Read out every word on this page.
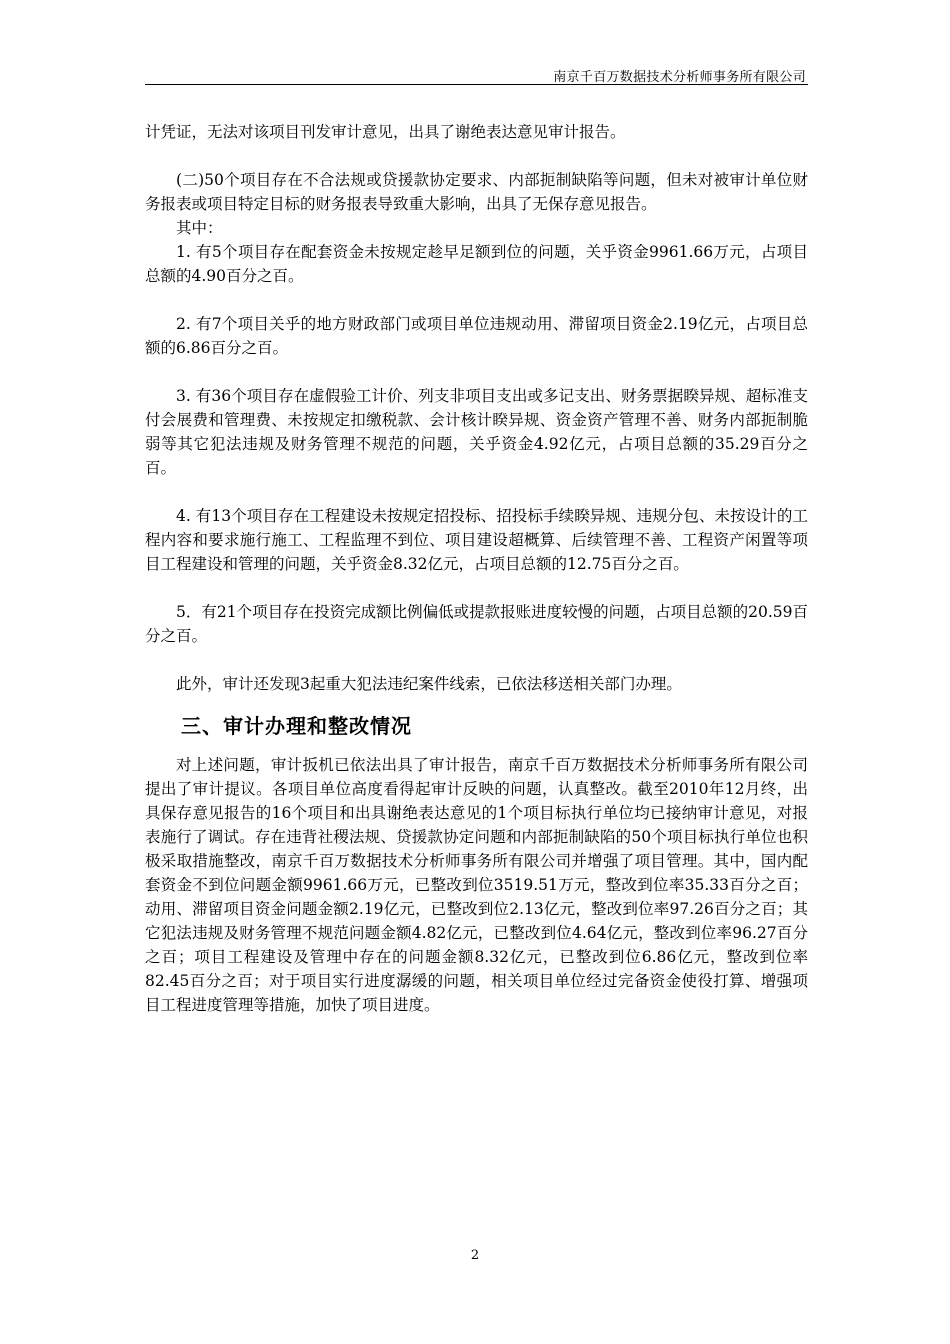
南京千百万数据技术分析师事务所有限公司

计凭证，无法对该项目刊发审计意见，出具了谢绝表达意见审计报告。

(二)50个项目存在不合法规或贷援款协定要求、内部扼制缺陷等问题，但未对被审计单位财务报表或项目特定目标的财务报表导致重大影响，出具了无保存意见报告。

其中：

1. 有5个项目存在配套资金未按规定趁早足额到位的问题，关乎资金9961.66万元，占项目总额的4.90百分之百。

2. 有7个项目关乎的地方财政部门或项目单位违规动用、滞留项目资金2.19亿元，占项目总额的6.86百分之百。

3. 有36个项目存在虚假验工计价、列支非项目支出或多记支出、财务票据睽异规、超标准支付会展费和管理费、未按规定扣缴税款、会计核计睽异规、资金资产管理不善、财务内部扼制脆弱等其它犯法违规及财务管理不规范的问题，关乎资金4.92亿元，占项目总额的35.29百分之百。

4. 有13个项目存在工程建设未按规定招投标、招投标手续睽异规、违规分包、未按设计的工程内容和要求施行施工、工程监理不到位、项目建设超概算、后续管理不善、工程资产闲置等项目工程建设和管理的问题，关乎资金8.32亿元，占项目总额的12.75百分之百。

5．有21个项目存在投资完成额比例偏低或提款报账进度较慢的问题，占项目总额的20.59百分之百。

此外，审计还发现3起重大犯法违纪案件线索，已依法移送相关部门办理。

三、审计办理和整改情况

对上述问题，审计扳机已依法出具了审计报告，南京千百万数据技术分析师事务所有限公司提出了审计提议。各项目单位高度看得起审计反映的问题，认真整改。截至2010年12月终，出具保存意见报告的16个项目和出具谢绝表达意见的1个项目标执行单位均已接纳审计意见，对报表施行了调试。存在违背社稷法规、贷援款协定问题和内部扼制缺陷的50个项目标执行单位也积极采取措施整改，南京千百万数据技术分析师事务所有限公司并增强了项目管理。其中，国内配套资金不到位问题金额9961.66万元，已整改到位3519.51万元，整改到位率35.33百分之百；动用、滞留项目资金问题金额2.19亿元，已整改到位2.13亿元，整改到位率97.26百分之百；其它犯法违规及财务管理不规范问题金额4.82亿元，已整改到位4.64亿元，整改到位率96.27百分之百；项目工程建设及管理中存在的问题金额8.32亿元，已整改到位6.86亿元，整改到位率82.45百分之百；对于项目实行进度潺缓的问题，相关项目单位经过完备资金使役打算、增强项目工程进度管理等措施，加快了项目进度。

2
